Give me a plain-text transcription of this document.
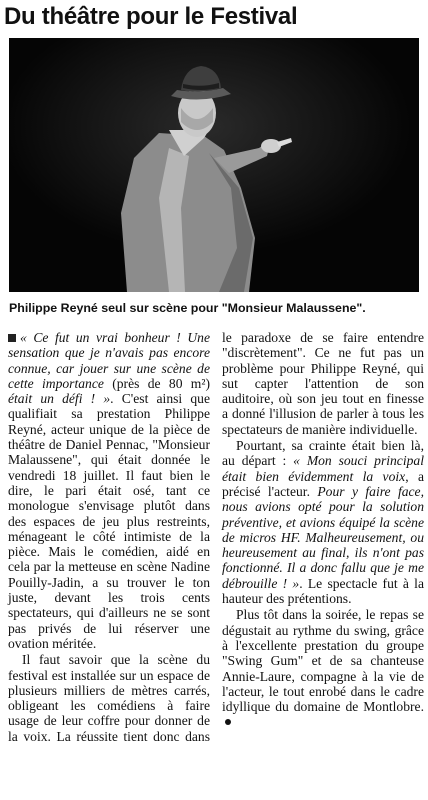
Du théâtre pour le Festival
Philippe Reyné seul sur scène pour "Monsieur Malaussene".

« Ce fut un vrai bonheur ! Une sensation que je n'avais pas encore connue, car jouer sur une scène de cette importance (près de 80 m²) était un défi ! ». C'est ainsi que qualifiait sa prestation Philippe Reyné, acteur unique de la pièce de théâtre de Daniel Pennac, "Monsieur Malaussene", qui était donnée le vendredi 18 juillet. Il faut bien le dire, le pari était osé, tant ce monologue s'envisage plutôt dans des espaces de jeu plus restreints, ménageant le côté intimiste de la pièce. Mais le comédien, aidé en cela par la metteuse en scène Nadine Pouilly-Jadin, a su trouver le ton juste, devant les trois cents spectateurs, qui d'ailleurs ne se sont pas privés de lui réserver une ovation méritée.

Il faut savoir que la scène du festival est installée sur un espace de plusieurs milliers de mètres carrés, obligeant les comédiens à faire usage de leur coffre pour donner de la voix. La réussite tient donc dans le paradoxe de se faire entendre "discrètement". Ce ne fut pas un problème pour Philippe Reyné, qui sut capter l'attention de son auditoire, où son jeu tout en finesse a donné l'illusion de parler à tous les spectateurs de manière individuelle.

Pourtant, sa crainte était bien là, au départ : « Mon souci principal était bien évidemment la voix, a précisé l'acteur. Pour y faire face, nous avions opté pour la solution préventive, et avions équipé la scène de micros HF. Malheureusement, ou heureusement au final, ils n'ont pas fonctionné. Il a donc fallu que je me débrouille ! ». Le spectacle fut à la hauteur des prétentions.

Plus tôt dans la soirée, le repas se dégustait au rythme du swing, grâce à l'excellente prestation du groupe "Swing Gum" et de sa chanteuse Annie-Laure, compagne à la vie de l'acteur, le tout enrobé dans le cadre idyllique du domaine de Montlobre.
